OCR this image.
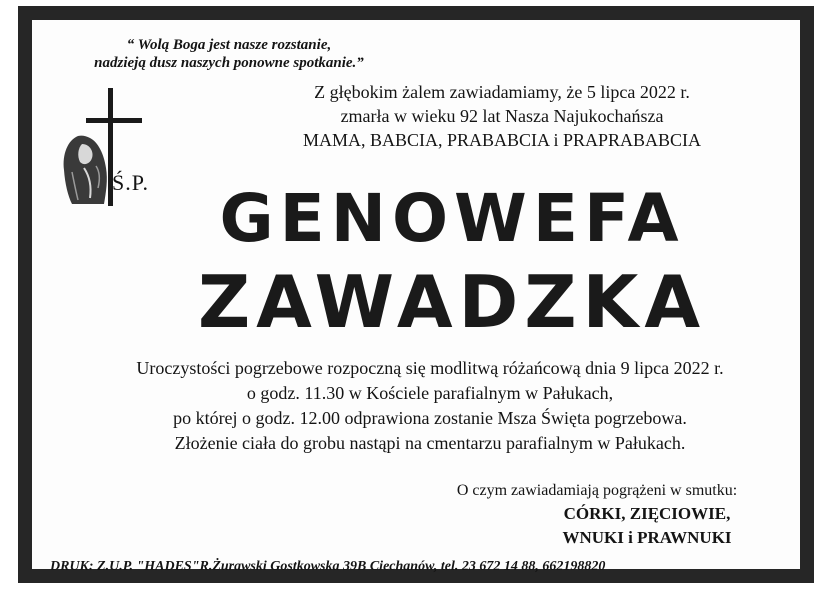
“ Wolą Boga jest nasze rozstanie,
nadzieją dusz naszych ponowne spotkanie.”
Z głębokim żalem zawiadamiamy, że 5 lipca 2022 r.
zmarła w wieku 92 lat Nasza Najukochańsza
MAMA, BABCIA, PRABABCIA i PRAPRABABCIA
Ś.P.	GENOWEFA
ZAWADZKA
Uroczystości pogrzebowe rozpoczną się modlitwą różańcową dnia 9 lipca 2022 r.
o godz. 11.30 w Kościele parafialnym w Pałukach,
po której o godz. 12.00 odprawiona zostanie Msza Święta pogrzebowa.
Złożenie ciała do grobu nastąpi na cmentarzu parafialnym w Pałukach.
O czym zawiadamiają pogrążeni w smutku:
CÓRKI, ZIĘCIOWIE,
WNUKI i PRAWNUKI
DRUK: Z.U.P. "HADES"R.Żurawski Gostkowska 39B Ciechanów, tel. 23 672 14 88, 662198820
